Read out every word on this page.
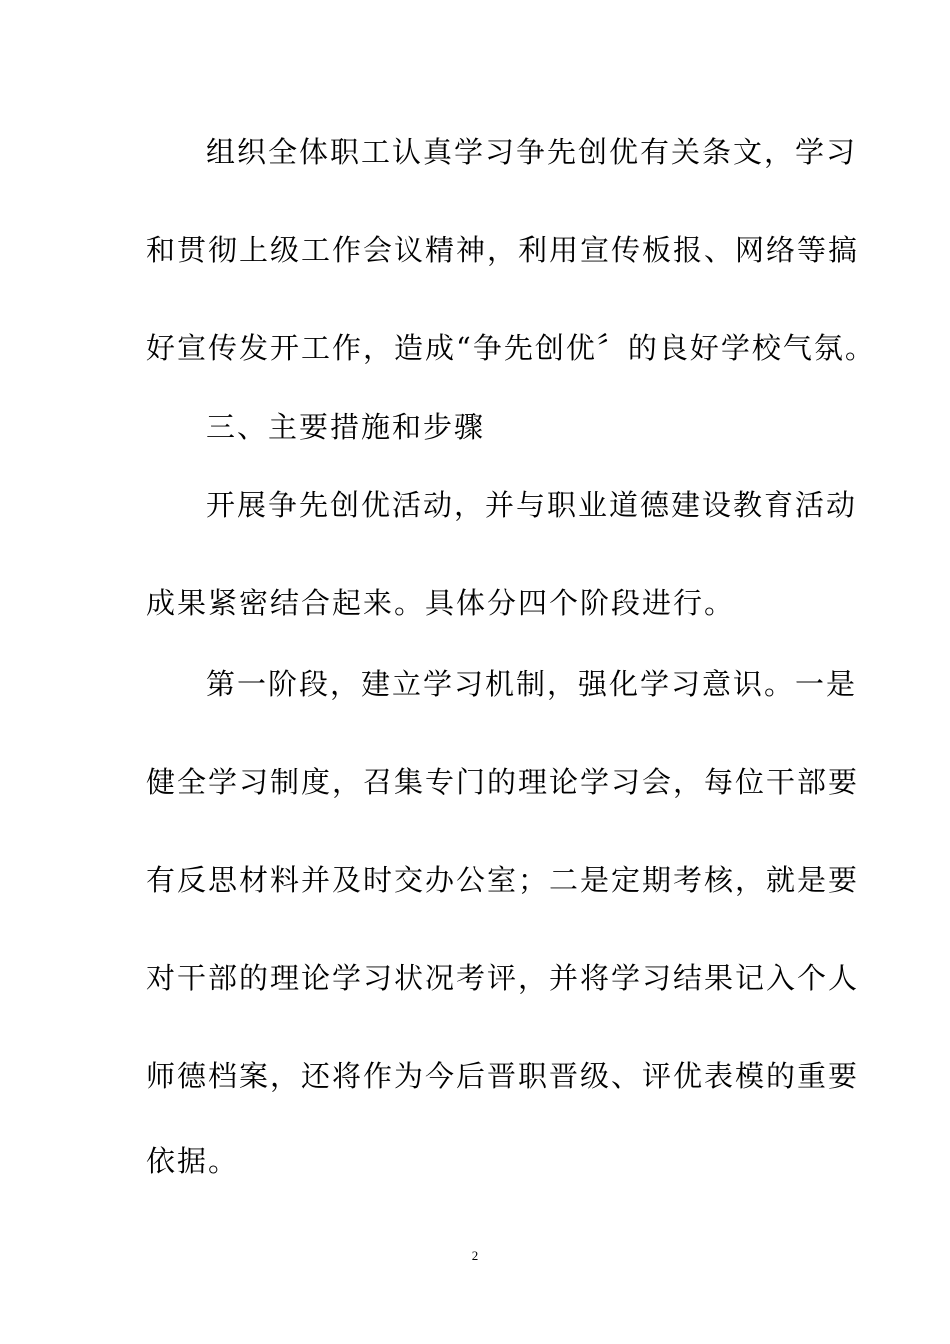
组织全体职工认真学习争先创优有关条文，学习

和贯彻上级工作会议精神，利用宣传板报、网络等搞

好宣传发开工作，造成“争先创优〞的良好学校气氛。

三、主要措施和步骤

开展争先创优活动，并与职业道德建设教育活动

成果紧密结合起来。具体分四个阶段进行。

第一阶段，建立学习机制，强化学习意识。一是

健全学习制度，召集专门的理论学习会，每位干部要

有反思材料并及时交办公室；二是定期考核，就是要

对干部的理论学习状况考评，并将学习结果记入个人

师德档案，还将作为今后晋职晋级、评优表模的重要

依据。

2
